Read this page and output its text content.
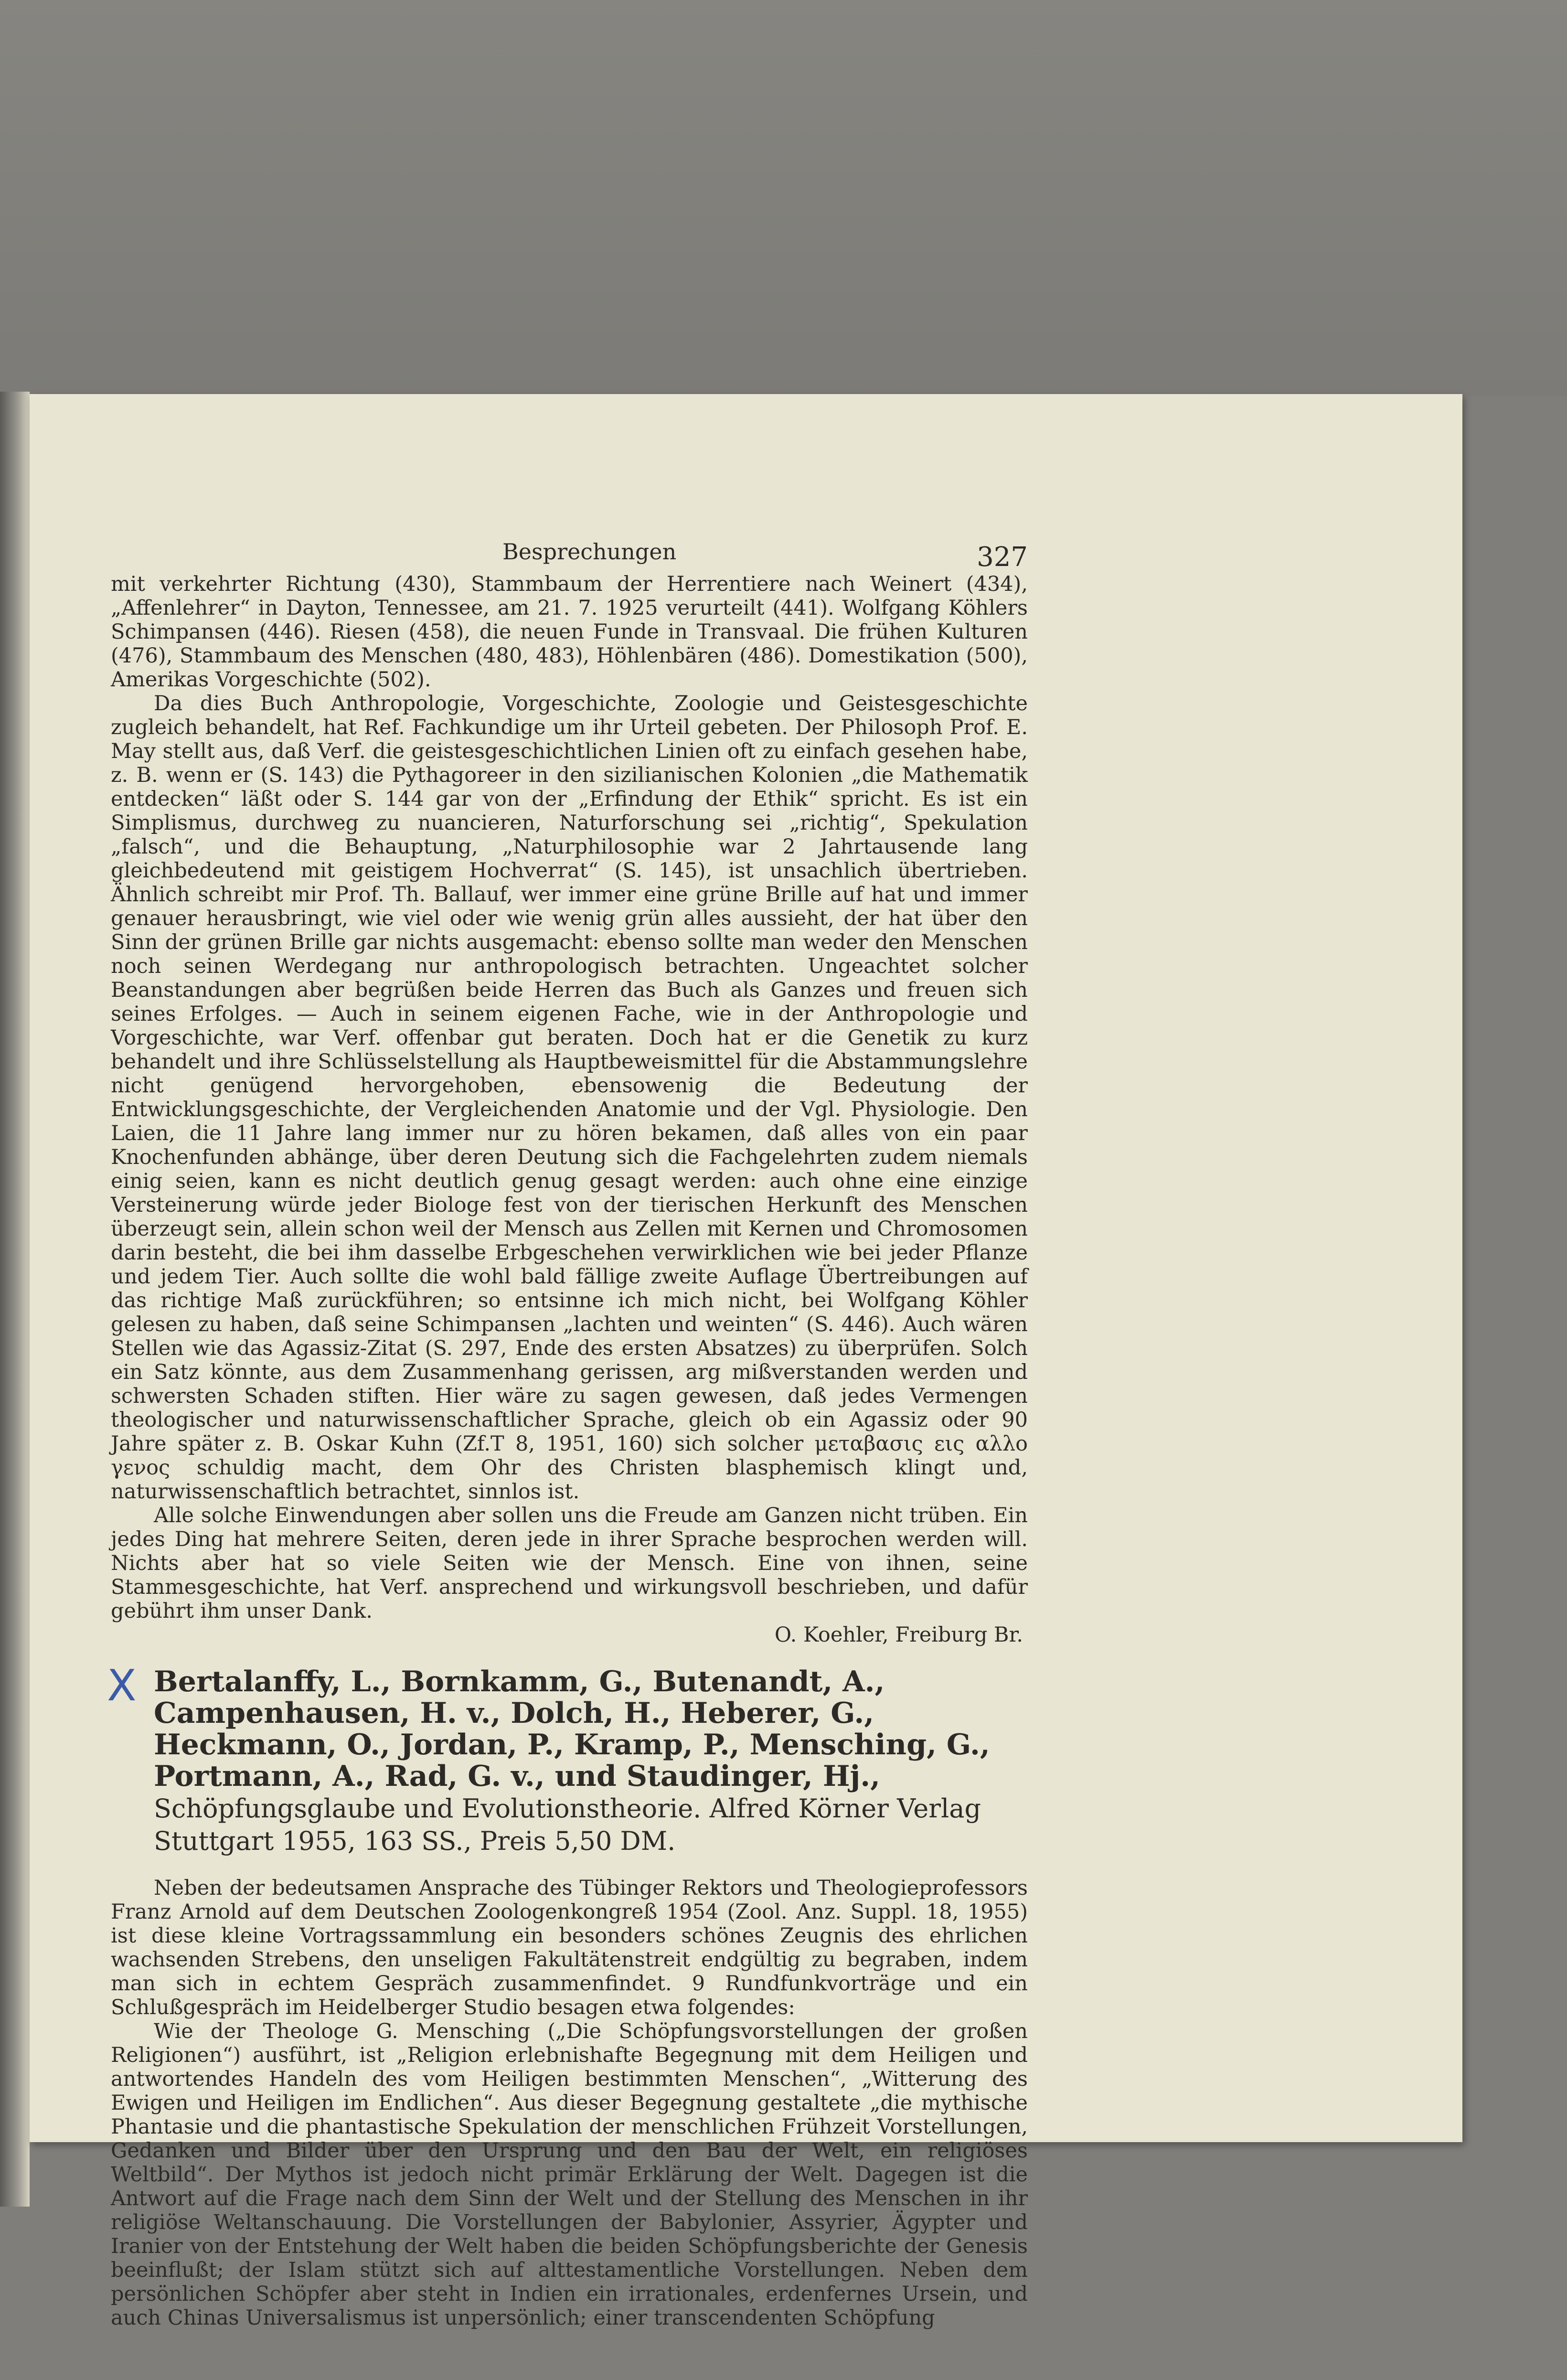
Besprechungen	327

mit verkehrter Richtung (430), Stammbaum der Herrentiere nach Weinert (434), „Affenlehrer“ in Dayton, Tennessee, am 21. 7. 1925 verurteilt (441). Wolfgang Köhlers Schimpansen (446). Riesen (458), die neuen Funde in Transvaal. Die frühen Kulturen (476), Stammbaum des Menschen (480, 483), Höhlenbären (486). Domestikation (500), Amerikas Vorgeschichte (502).

Da dies Buch Anthropologie, Vorgeschichte, Zoologie und Geistesgeschichte zugleich behandelt, hat Ref. Fachkundige um ihr Urteil gebeten. Der Philosoph Prof. E. May stellt aus, daß Verf. die geistesgeschichtlichen Linien oft zu einfach gesehen habe, z. B. wenn er (S. 143) die Pythagoreer in den sizilianischen Kolonien „die Mathematik entdecken“ läßt oder S. 144 gar von der „Erfindung der Ethik“ spricht. Es ist ein Simplismus, durchweg zu nuancieren, Naturforschung sei „richtig“, Spekulation „falsch“, und die Behauptung, „Naturphilosophie war 2 Jahrtausende lang gleichbedeutend mit geistigem Hochverrat“ (S. 145), ist unsachlich übertrieben. Ähnlich schreibt mir Prof. Th. Ballauf, wer immer eine grüne Brille auf hat und immer genauer herausbringt, wie viel oder wie wenig grün alles aussieht, der hat über den Sinn der grünen Brille gar nichts ausgemacht: ebenso sollte man weder den Menschen noch seinen Werdegang nur anthropologisch betrachten. Ungeachtet solcher Beanstandungen aber begrüßen beide Herren das Buch als Ganzes und freuen sich seines Erfolges. — Auch in seinem eigenen Fache, wie in der Anthropologie und Vorgeschichte, war Verf. offenbar gut beraten. Doch hat er die Genetik zu kurz behandelt und ihre Schlüsselstellung als Hauptbeweismittel für die Abstammungslehre nicht genügend hervorgehoben, ebensowenig die Bedeutung der Entwicklungsgeschichte, der Vergleichenden Anatomie und der Vgl. Physiologie. Den Laien, die 11 Jahre lang immer nur zu hören bekamen, daß alles von ein paar Knochenfunden abhänge, über deren Deutung sich die Fachgelehrten zudem niemals einig seien, kann es nicht deutlich genug gesagt werden: auch ohne eine einzige Versteinerung würde jeder Biologe fest von der tierischen Herkunft des Menschen überzeugt sein, allein schon weil der Mensch aus Zellen mit Kernen und Chromosomen darin besteht, die bei ihm dasselbe Erbgeschehen verwirklichen wie bei jeder Pflanze und jedem Tier. Auch sollte die wohl bald fällige zweite Auflage Übertreibungen auf das richtige Maß zurückführen; so entsinne ich mich nicht, bei Wolfgang Köhler gelesen zu haben, daß seine Schimpansen „lachten und weinten“ (S. 446). Auch wären Stellen wie das Agassiz-Zitat (S. 297, Ende des ersten Absatzes) zu überprüfen. Solch ein Satz könnte, aus dem Zusammenhang gerissen, arg mißverstanden werden und schwersten Schaden stiften. Hier wäre zu sagen gewesen, daß jedes Vermengen theologischer und naturwissenschaftlicher Sprache, gleich ob ein Agassiz oder 90 Jahre später z. B. Oskar Kuhn (Zf.T 8, 1951, 160) sich solcher μεταβασις εις αλλο γενος schuldig macht, dem Ohr des Christen blasphemisch klingt und, naturwissenschaftlich betrachtet, sinnlos ist.

Alle solche Einwendungen aber sollen uns die Freude am Ganzen nicht trüben. Ein jedes Ding hat mehrere Seiten, deren jede in ihrer Sprache besprochen werden will. Nichts aber hat so viele Seiten wie der Mensch. Eine von ihnen, seine Stammesgeschichte, hat Verf. ansprechend und wirkungsvoll beschrieben, und dafür gebührt ihm unser Dank.

O. Koehler, Freiburg Br.
X Bertalanffy, L., Bornkamm, G., Butenandt, A., Campenhausen, H. v., Dolch, H., Heberer, G., Heckmann, O., Jordan, P., Kramp, P., Mensching, G., Portmann, A., Rad, G. v., und Staudinger, Hj., Schöpfungsglaube und Evolutionstheorie. Alfred Körner Verlag Stuttgart 1955, 163 SS., Preis 5,50 DM.

Neben der bedeutsamen Ansprache des Tübinger Rektors und Theologieprofessors Franz Arnold auf dem Deutschen Zoologenkongreß 1954 (Zool. Anz. Suppl. 18, 1955) ist diese kleine Vortragssammlung ein besonders schönes Zeugnis des ehrlichen wachsenden Strebens, den unseligen Fakultätenstreit endgültig zu begraben, indem man sich in echtem Gespräch zusammenfindet. 9 Rundfunkvorträge und ein Schlußgespräch im Heidelberger Studio besagen etwa folgendes:

Wie der Theologe G. Mensching („Die Schöpfungsvorstellungen der großen Religionen“) ausführt, ist „Religion erlebnishafte Begegnung mit dem Heiligen und antwortendes Handeln des vom Heiligen bestimmten Menschen“, „Witterung des Ewigen und Heiligen im Endlichen“. Aus dieser Begegnung gestaltete „die mythische Phantasie und die phantastische Spekulation der menschlichen Frühzeit Vorstellungen, Gedanken und Bilder über den Ursprung und den Bau der Welt, ein religiöses Weltbild“. Der Mythos ist jedoch nicht primär Erklärung der Welt. Dagegen ist die Antwort auf die Frage nach dem Sinn der Welt und der Stellung des Menschen in ihr religiöse Weltanschauung. Die Vorstellungen der Babylonier, Assyrier, Ägypter und Iranier von der Entstehung der Welt haben die beiden Schöpfungsberichte der Genesis beeinflußt; der Islam stützt sich auf alttestamentliche Vorstellungen. Neben dem persönlichen Schöpfer aber steht in Indien ein irrationales, erdenfernes Ursein, und auch Chinas Universalismus ist unpersönlich; einer transcendenten Schöpfung
